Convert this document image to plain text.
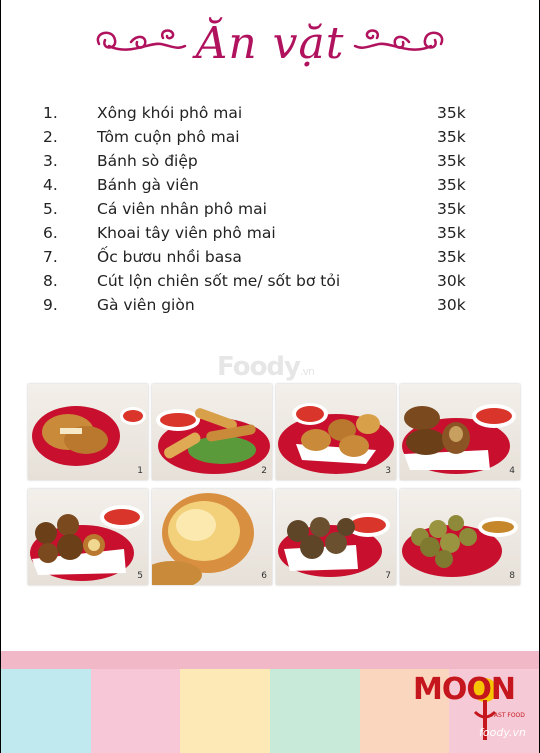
Ăn vặt
1.	Xông khói phô mai	35k
2.	Tôm cuộn phô mai	35k
3.	Bánh sò điệp	35k
4.	Bánh gà viên	35k
5.	Cá viên nhân phô mai	35k
6.	Khoai tây viên phô mai	35k
7.	Ốc bươu nhồi basa	35k
8.	Cút lộn chiên sốt me/ sốt bơ tỏi	30k
9.	Gà viên giòn	30k
Foody.vn
1	2	3	4
5	6	7	8
MOON
FAST FOOD
foody.vn
